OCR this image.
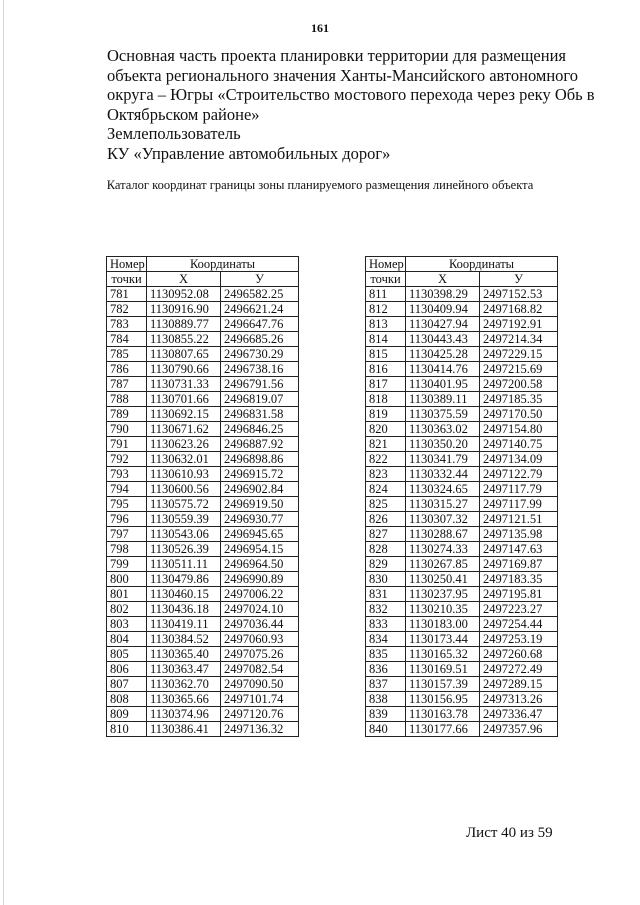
161
Основная часть проекта планировки территории для размещения
объекта регионального значения Ханты-Мансийского автономного
округа – Югры «Строительство мостового перехода через реку Обь в
Октябрьском районе»
Землепользователь
КУ «Управление автомобильных дорог»
Каталог координат границы зоны планируемого размещения линейного объекта
Номер	Координаты	
точки	X	У
781	1130952.08	2496582.25
782	1130916.90	2496621.24
783	1130889.77	2496647.76
784	1130855.22	2496685.26
785	1130807.65	2496730.29
786	1130790.66	2496738.16
787	1130731.33	2496791.56
788	1130701.66	2496819.07
789	1130692.15	2496831.58
790	1130671.62	2496846.25
791	1130623.26	2496887.92
792	1130632.01	2496898.86
793	1130610.93	2496915.72
794	1130600.56	2496902.84
795	1130575.72	2496919.50
796	1130559.39	2496930.77
797	1130543.06	2496945.65
798	1130526.39	2496954.15
799	1130511.11	2496964.50
800	1130479.86	2496990.89
801	1130460.15	2497006.22
802	1130436.18	2497024.10
803	1130419.11	2497036.44
804	1130384.52	2497060.93
805	1130365.40	2497075.26
806	1130363.47	2497082.54
807	1130362.70	2497090.50
808	1130365.66	2497101.74
809	1130374.96	2497120.76
810	1130386.41	2497136.32
Номер	Координаты	
точки	X	У
811	1130398.29	2497152.53
812	1130409.94	2497168.82
813	1130427.94	2497192.91
814	1130443.43	2497214.34
815	1130425.28	2497229.15
816	1130414.76	2497215.69
817	1130401.95	2497200.58
818	1130389.11	2497185.35
819	1130375.59	2497170.50
820	1130363.02	2497154.80
821	1130350.20	2497140.75
822	1130341.79	2497134.09
823	1130332.44	2497122.79
824	1130324.65	2497117.79
825	1130315.27	2497117.99
826	1130307.32	2497121.51
827	1130288.67	2497135.98
828	1130274.33	2497147.63
829	1130267.85	2497169.87
830	1130250.41	2497183.35
831	1130237.95	2497195.81
832	1130210.35	2497223.27
833	1130183.00	2497254.44
834	1130173.44	2497253.19
835	1130165.32	2497260.68
836	1130169.51	2497272.49
837	1130157.39	2497289.15
838	1130156.95	2497313.26
839	1130163.78	2497336.47
840	1130177.66	2497357.96
Лист 40 из 59
